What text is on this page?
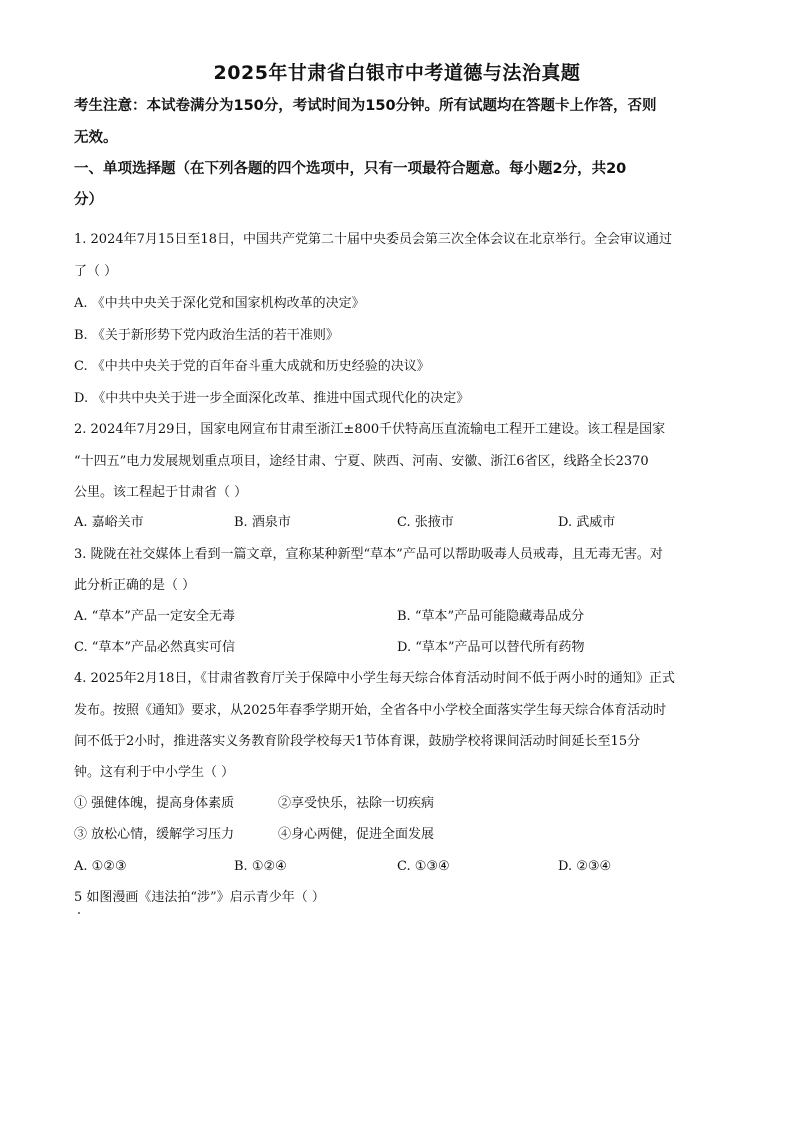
2025年甘肃省白银市中考道德与法治真题
考生注意：本试卷满分为150分，考试时间为150分钟。所有试题均在答题卡上作答，否则
无效。
一、单项选择题（在下列各题的四个选项中，只有一项最符合题意。每小题2分，共20
分）
1. 2024年7月15日至18日，中国共产党第二十届中央委员会第三次全体会议在北京举行。全会审议通过
了（ ）
A. 《中共中央关于深化党和国家机构改革的决定》
B. 《关于新形势下党内政治生活的若干准则》
C. 《中共中央关于党的百年奋斗重大成就和历史经验的决议》
D. 《中共中央关于进一步全面深化改革、推进中国式现代化的决定》
2. 2024年7月29日，国家电网宣布甘肃至浙江±800千伏特高压直流输电工程开工建设。该工程是国家
“十四五”电力发展规划重点项目，途经甘肃、宁夏、陕西、河南、安徽、浙江6省区，线路全长2370
公里。该工程起于甘肃省（ ）
A. 嘉峪关市	B. 酒泉市	C. 张掖市	D. 武威市
3. 陇陇在社交媒体上看到一篇文章，宣称某种新型“草本”产品可以帮助吸毒人员戒毒，且无毒无害。对
此分析正确的是（ ）
A. “草本”产品一定安全无毒	B. “草本”产品可能隐藏毒品成分
C. “草本”产品必然真实可信	D. “草本”产品可以替代所有药物
4. 2025年2月18日，《甘肃省教育厅关于保障中小学生每天综合体育活动时间不低于两小时的通知》正式
发布。按照《通知》要求，从2025年春季学期开始，全省各中小学校全面落实学生每天综合体育活动时
间不低于2小时，推进落实义务教育阶段学校每天1节体育课，鼓励学校将课间活动时间延长至15分
钟。这有利于中小学生（ ）
① 强健体魄，提高身体素质	②享受快乐，祛除一切疾病
③ 放松心情，缓解学习压力	④身心两健，促进全面发展
A. ①②③	B. ①②④	C. ①③④	D. ②③④
5 如图漫画《违法拍“涉”》启示青少年（ ）
